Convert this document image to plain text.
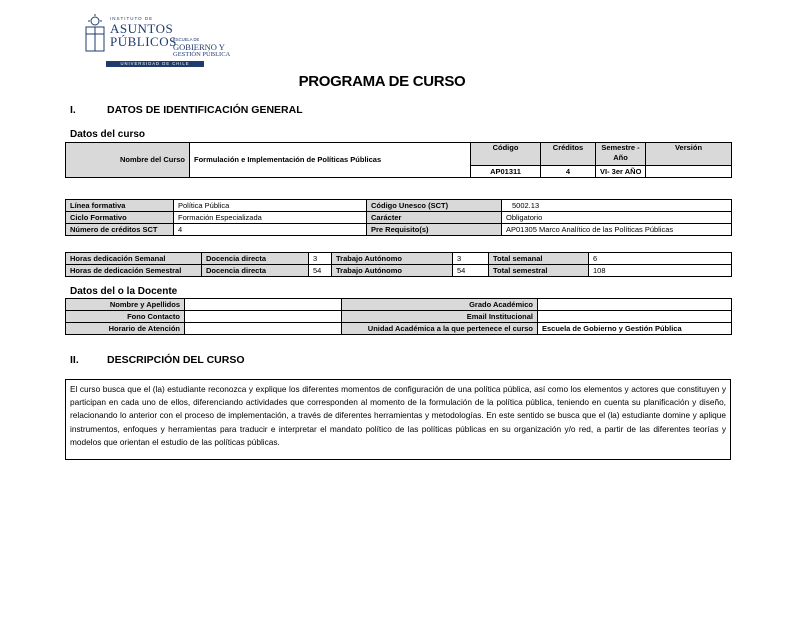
INSTITUTO DE
ASUNTOS
PÚBLICOS
ESCUELA DE
GOBIERNO Y
GESTIÓN PÚBLICA
UNIVERSIDAD DE CHILE
PROGRAMA DE CURSO
I.	DATOS DE IDENTIFICACIÓN GENERAL
Datos del curso
Nombre del Curso	Formulación e Implementación de Políticas Públicas	Código	Créditos	Semestre - Año	Versión
		AP01311	4	VI- 3er AÑO	
Línea formativa	Política Pública	Código Unesco (SCT)	5002.13
Ciclo Formativo	Formación Especializada	Carácter	Obligatorio
Número de créditos SCT	4	Pre Requisito(s)	AP01305 Marco Analítico de las Políticas Públicas
Horas dedicación Semanal	Docencia directa	3	Trabajo Autónomo	3	Total semanal	6
Horas de dedicación Semestral	Docencia directa	54	Trabajo Autónomo	54	Total semestral	108
Datos del o la Docente
Nombre y Apellidos		Grado Académico	
Fono Contacto		Email Institucional	
Horario de Atención		Unidad Académica a la que pertenece el curso	Escuela de Gobierno y Gestión Pública
II.	DESCRIPCIÓN DEL CURSO
El curso busca que el (la) estudiante reconozca y explique los diferentes momentos de configuración de una política pública, así como los elementos y actores que constituyen y participan en cada uno de ellos, diferenciando actividades que corresponden al momento de la formulación de la política pública, teniendo en cuenta su planificación y diseño, relacionando lo anterior con el proceso de implementación, a través de diferentes herramientas y metodologías. En este sentido se busca que el (la) estudiante domine y aplique instrumentos, enfoques y herramientas para traducir e interpretar el mandato político de las políticas públicas en su organización y/o red, a partir de las diferentes teorías y modelos que orientan el estudio de las políticas públicas.
